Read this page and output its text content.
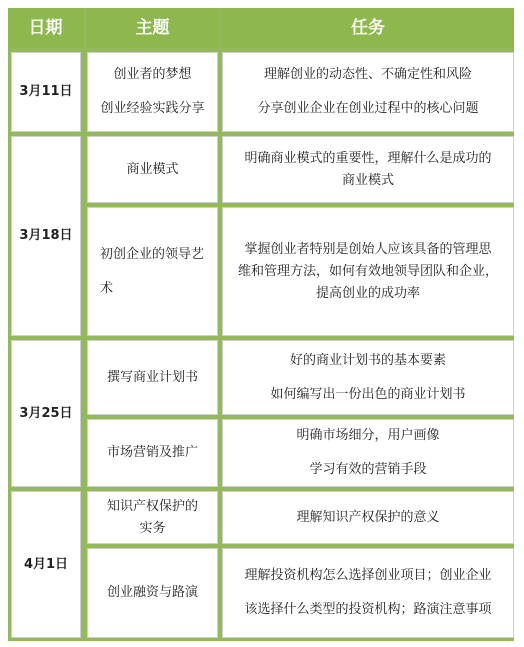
日期	主题	任务
3月11日
创业者的梦想
创业经验实践分享
理解创业的动态性、不确定性和风险
分享创业企业在创业过程中的核心问题
3月18日
商业模式
明确商业模式的重要性，理解什么是成功的
商业模式
初创企业的领导艺
术
掌握创业者特别是创始人应该具备的管理思
维和管理方法，如何有效地领导团队和企业，
提高创业的成功率
3月25日
撰写商业计划书
好的商业计划书的基本要素
如何编写出一份出色的商业计划书
市场营销及推广
明确市场细分，用户画像
学习有效的营销手段
4月1日
知识产权保护的
实务
理解知识产权保护的意义
创业融资与路演
理解投资机构怎么选择创业项目；创业企业
该选择什么类型的投资机构；路演注意事项
